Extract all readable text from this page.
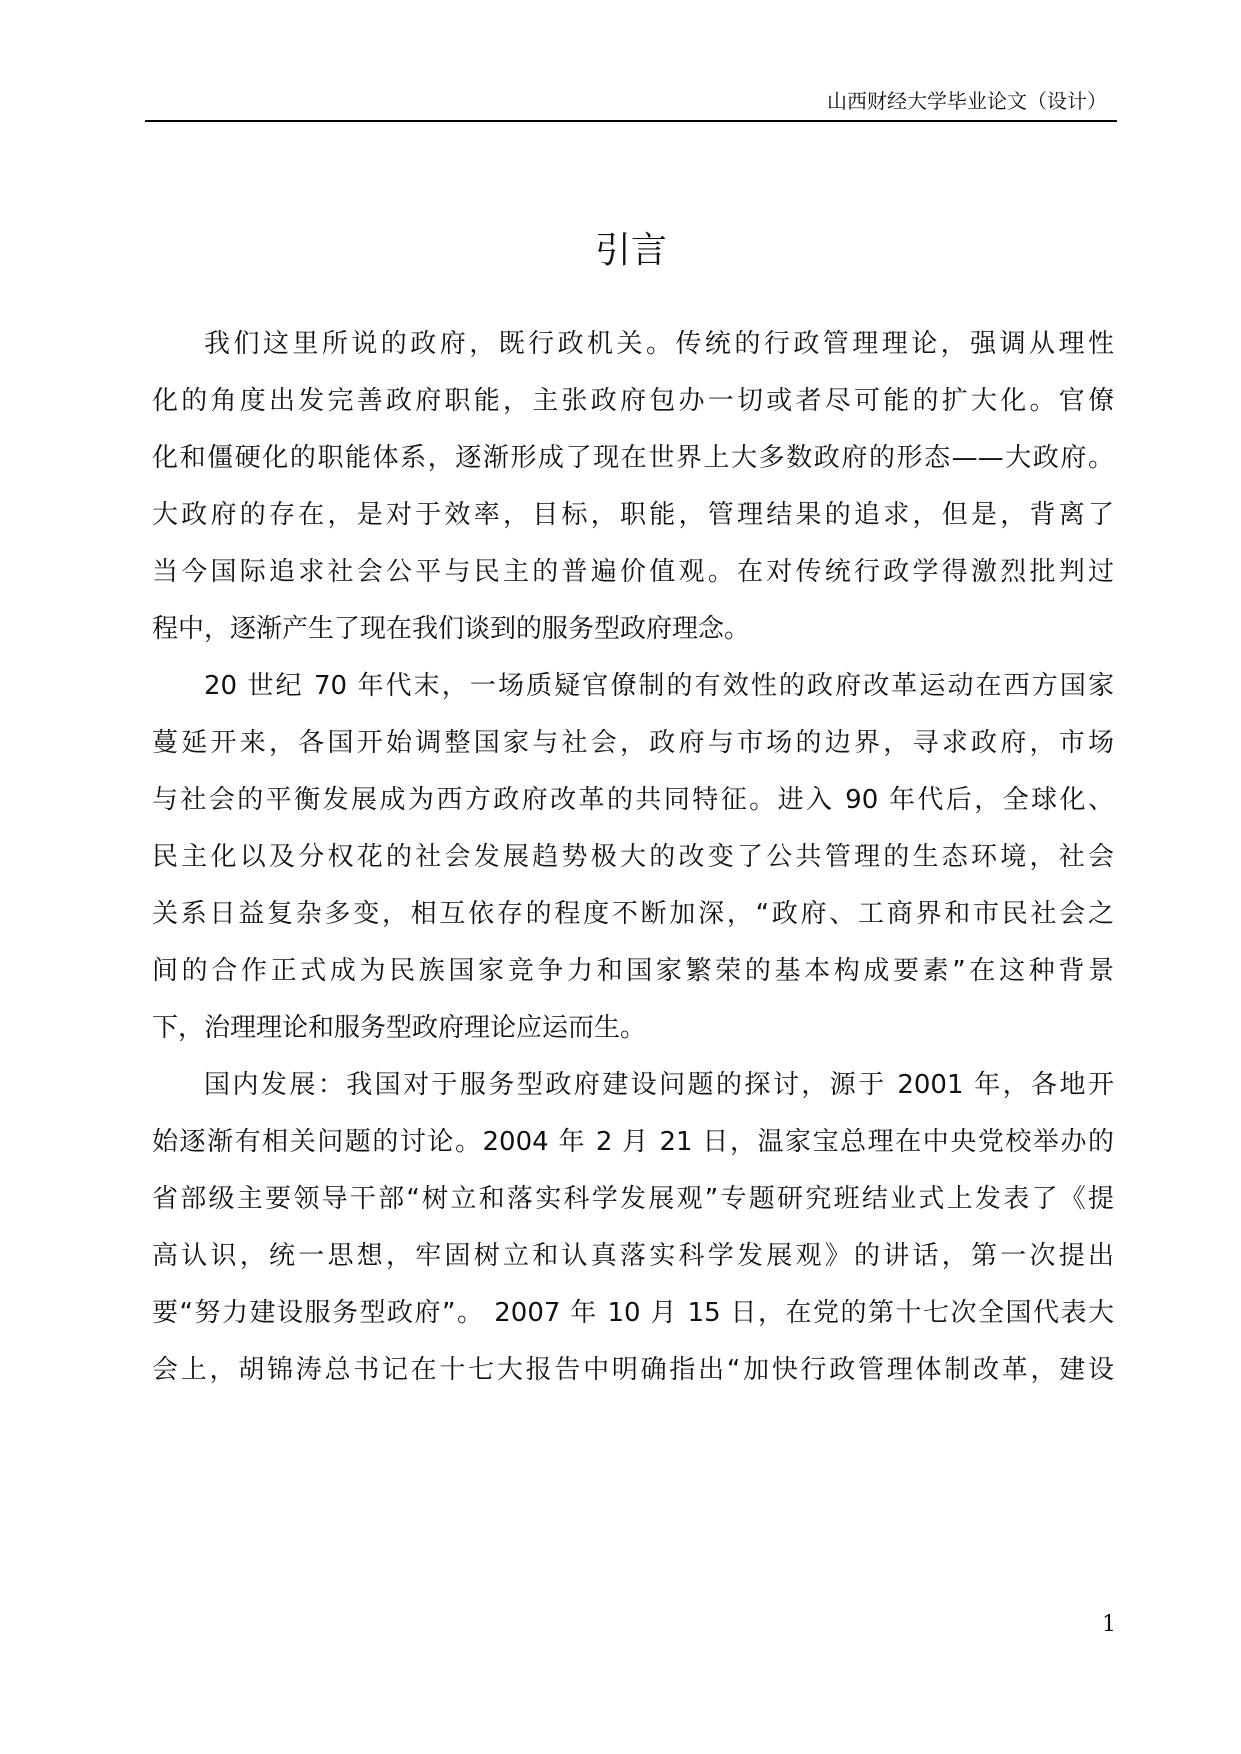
山西财经大学毕业论文（设计）
引言
我们这里所说的政府，既行政机关。传统的行政管理理论，强调从理性
化的角度出发完善政府职能，主张政府包办一切或者尽可能的扩大化。官僚
化和僵硬化的职能体系，逐渐形成了现在世界上大多数政府的形态——大政府。
大政府的存在，是对于效率，目标，职能，管理结果的追求，但是，背离了
当今国际追求社会公平与民主的普遍价值观。在对传统行政学得激烈批判过
程中，逐渐产生了现在我们谈到的服务型政府理念。
20 世纪 70 年代末，一场质疑官僚制的有效性的政府改革运动在西方国家
蔓延开来，各国开始调整国家与社会，政府与市场的边界，寻求政府，市场
与社会的平衡发展成为西方政府改革的共同特征。进入 90 年代后，全球化、
民主化以及分权花的社会发展趋势极大的改变了公共管理的生态环境，社会
关系日益复杂多变，相互依存的程度不断加深，“政府、工商界和市民社会之
间的合作正式成为民族国家竞争力和国家繁荣的基本构成要素”在这种背景
下，治理理论和服务型政府理论应运而生。
国内发展：我国对于服务型政府建设问题的探讨，源于 2001 年，各地开
始逐渐有相关问题的讨论。2004 年 2 月 21 日，温家宝总理在中央党校举办的
省部级主要领导干部“树立和落实科学发展观”专题研究班结业式上发表了《提
高认识，统一思想，牢固树立和认真落实科学发展观》的讲话，第一次提出
要“努力建设服务型政府”。 2007 年 10 月 15 日，在党的第十七次全国代表大
会上，胡锦涛总书记在十七大报告中明确指出“加快行政管理体制改革，建设
1
